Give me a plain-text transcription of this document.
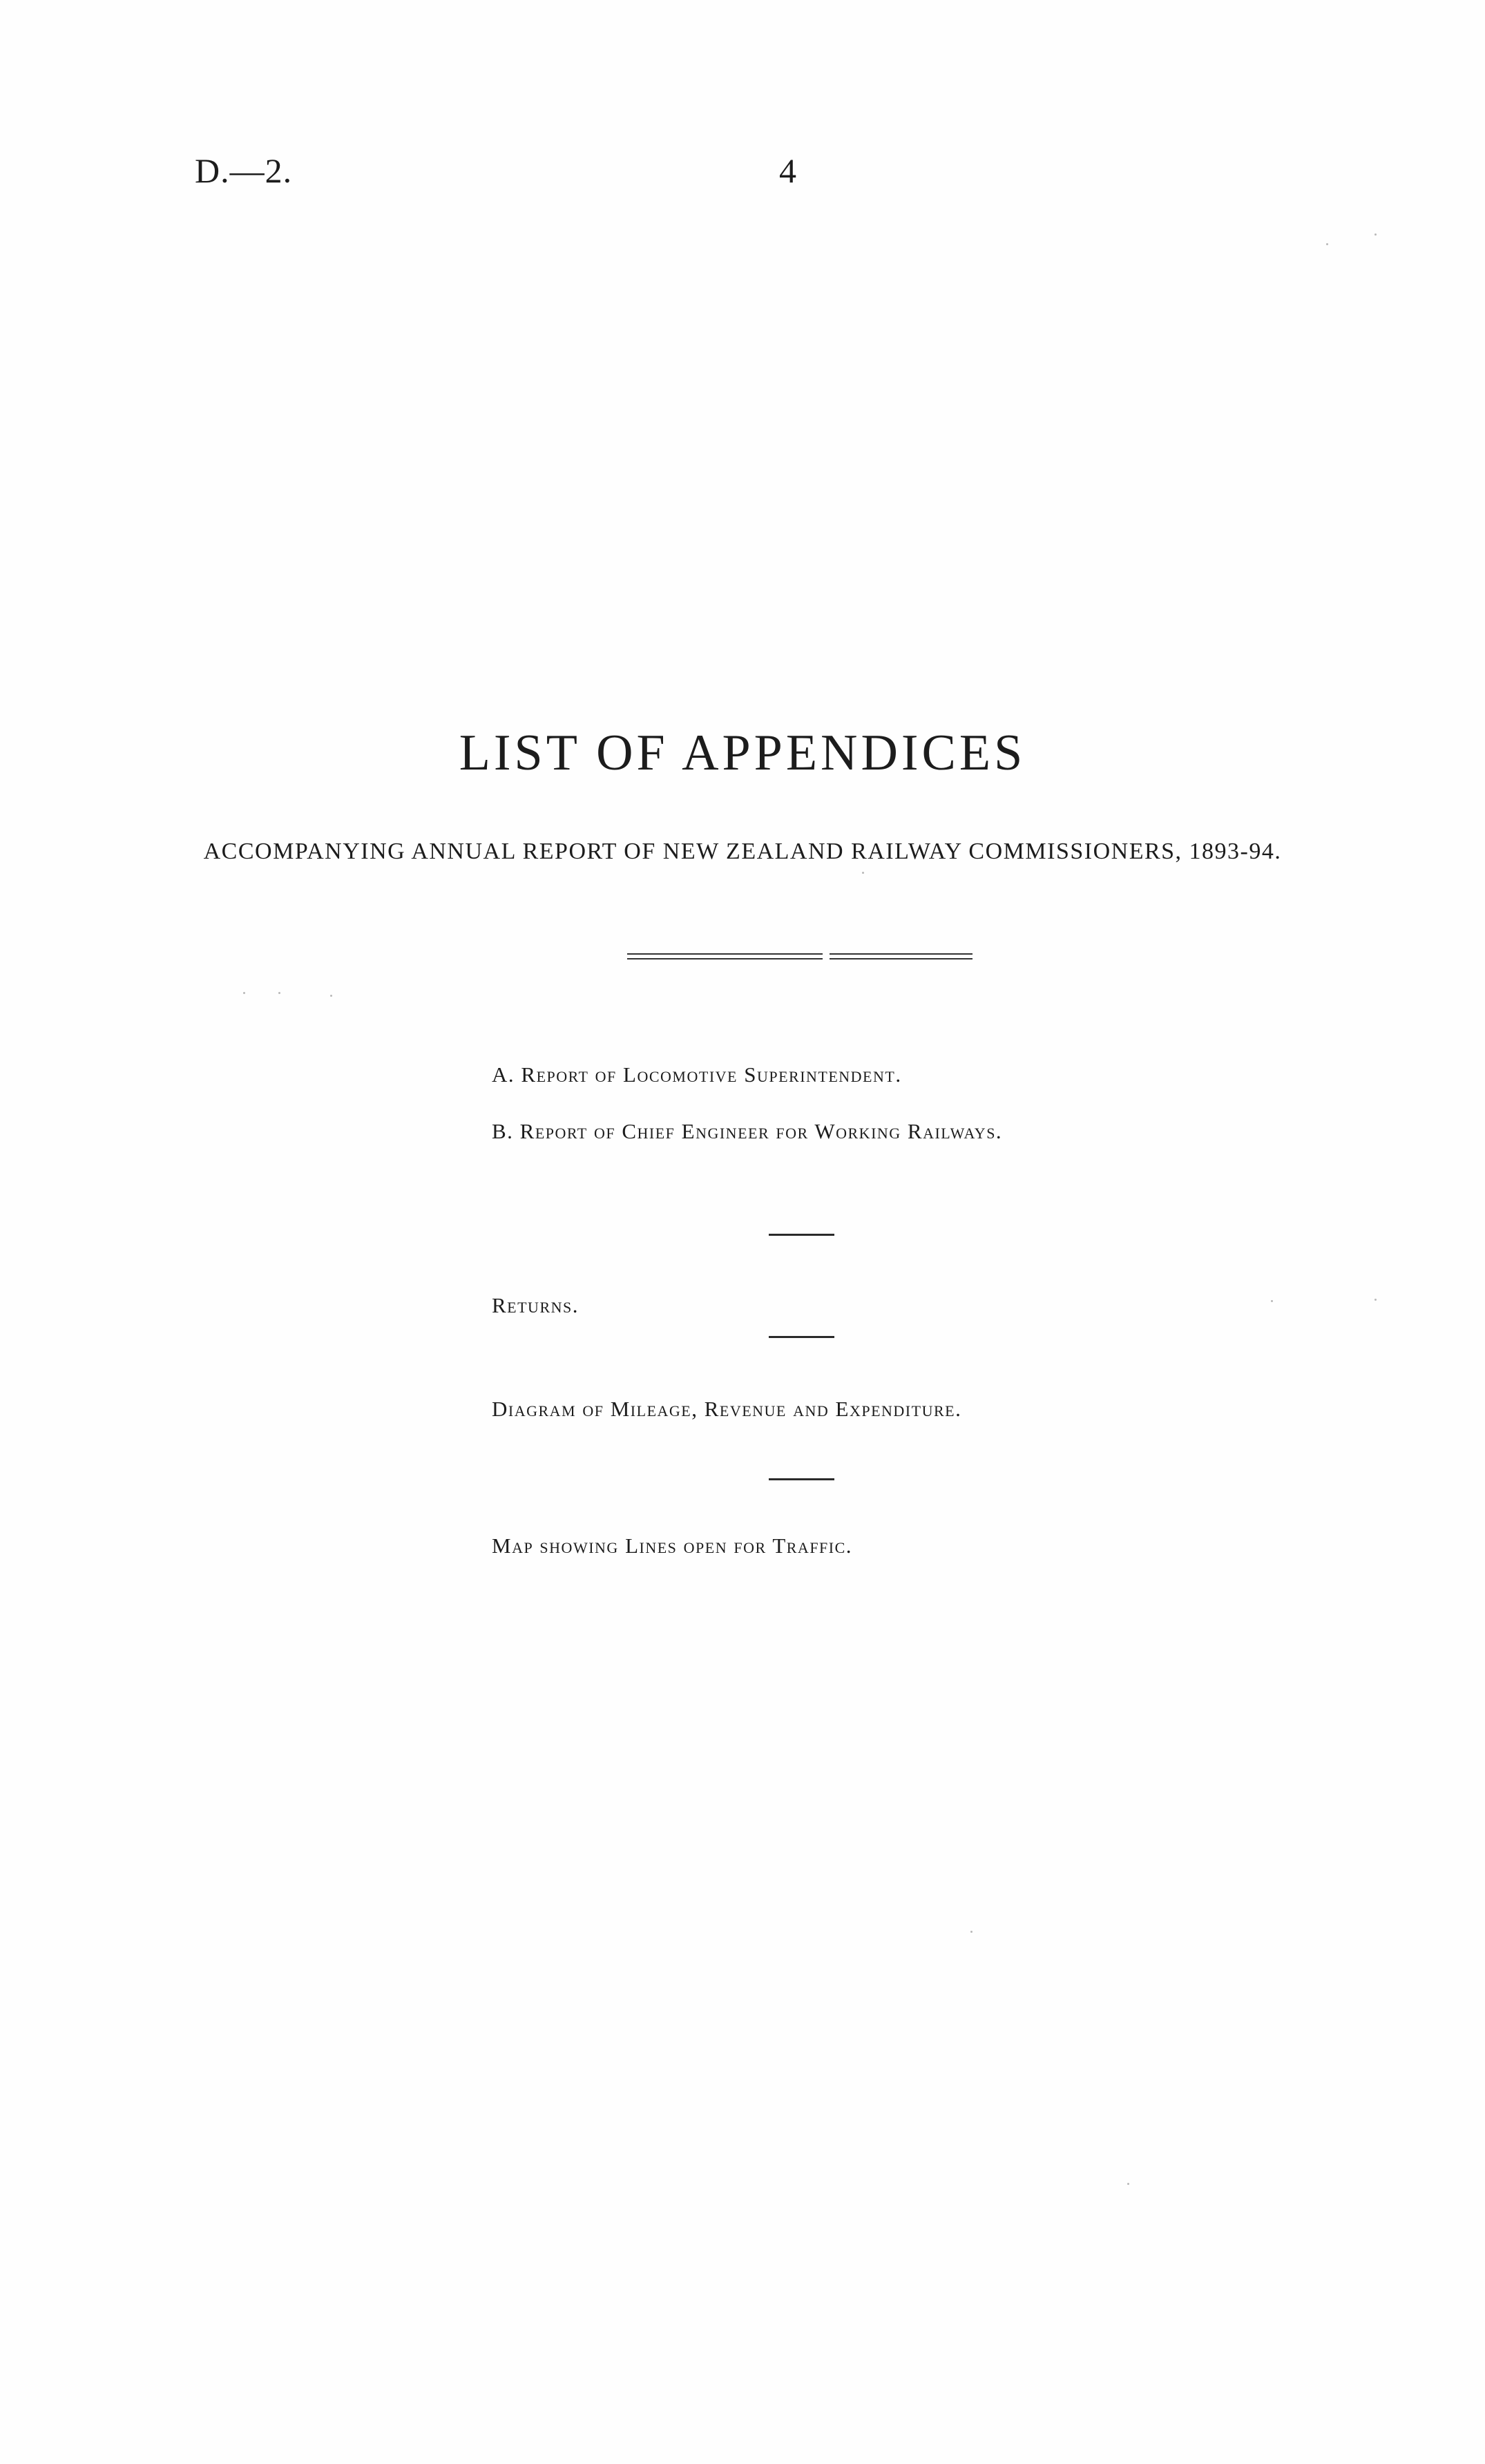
D.—2.	4
LIST OF APPENDICES
ACCOMPANYING ANNUAL REPORT OF NEW ZEALAND RAILWAY COMMISSIONERS, 1893-94.
A. Report of Locomotive Superintendent.
B. Report of Chief Engineer for Working Railways.
Returns.
Diagram of Mileage, Revenue and Expenditure.
Map showing Lines open for Traffic.
